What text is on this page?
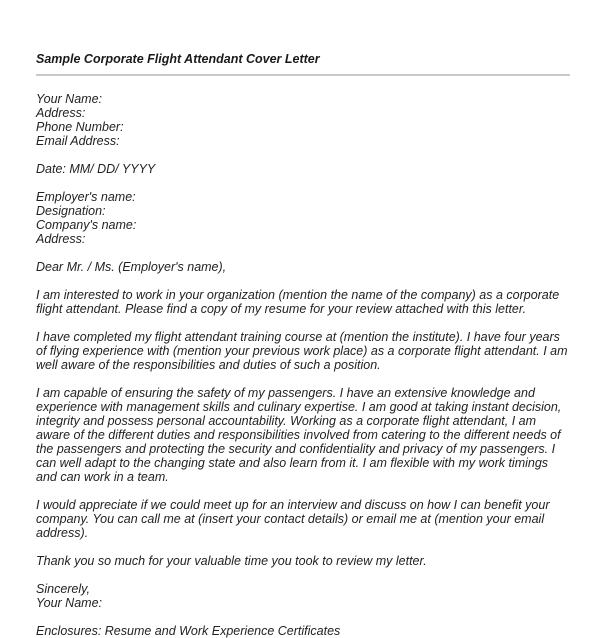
Sample Corporate Flight Attendant Cover Letter
Your Name:
Address:
Phone Number:
Email Address:
Date: MM/ DD/ YYYY
Employer's name:
Designation:
Company's name:
Address:
Dear Mr. / Ms. (Employer's name),

I am interested to work in your organization (mention the name of the company) as a corporate flight attendant. Please find a copy of my resume for your review attached with this letter.

I have completed my flight attendant training course at (mention the institute). I have four years of flying experience with (mention your previous work place) as a corporate flight attendant. I am well aware of the responsibilities and duties of such a position.

I am capable of ensuring the safety of my passengers. I have an extensive knowledge and experience with management skills and culinary expertise. I am good at taking instant decision, integrity and possess personal accountability. Working as a corporate flight attendant, I am aware of the different duties and responsibilities involved from catering to the different needs of the passengers and protecting the security and confidentiality and privacy of my passengers. I can well adapt to the changing state and also learn from it. I am flexible with my work timings and can work in a team.

I would appreciate if we could meet up for an interview and discuss on how I can benefit your company. You can call me at (insert your contact details) or email me at (mention your email address).

Thank you so much for your valuable time you took to review my letter.

Sincerely,
Your Name:
Enclosures: Resume and Work Experience Certificates
